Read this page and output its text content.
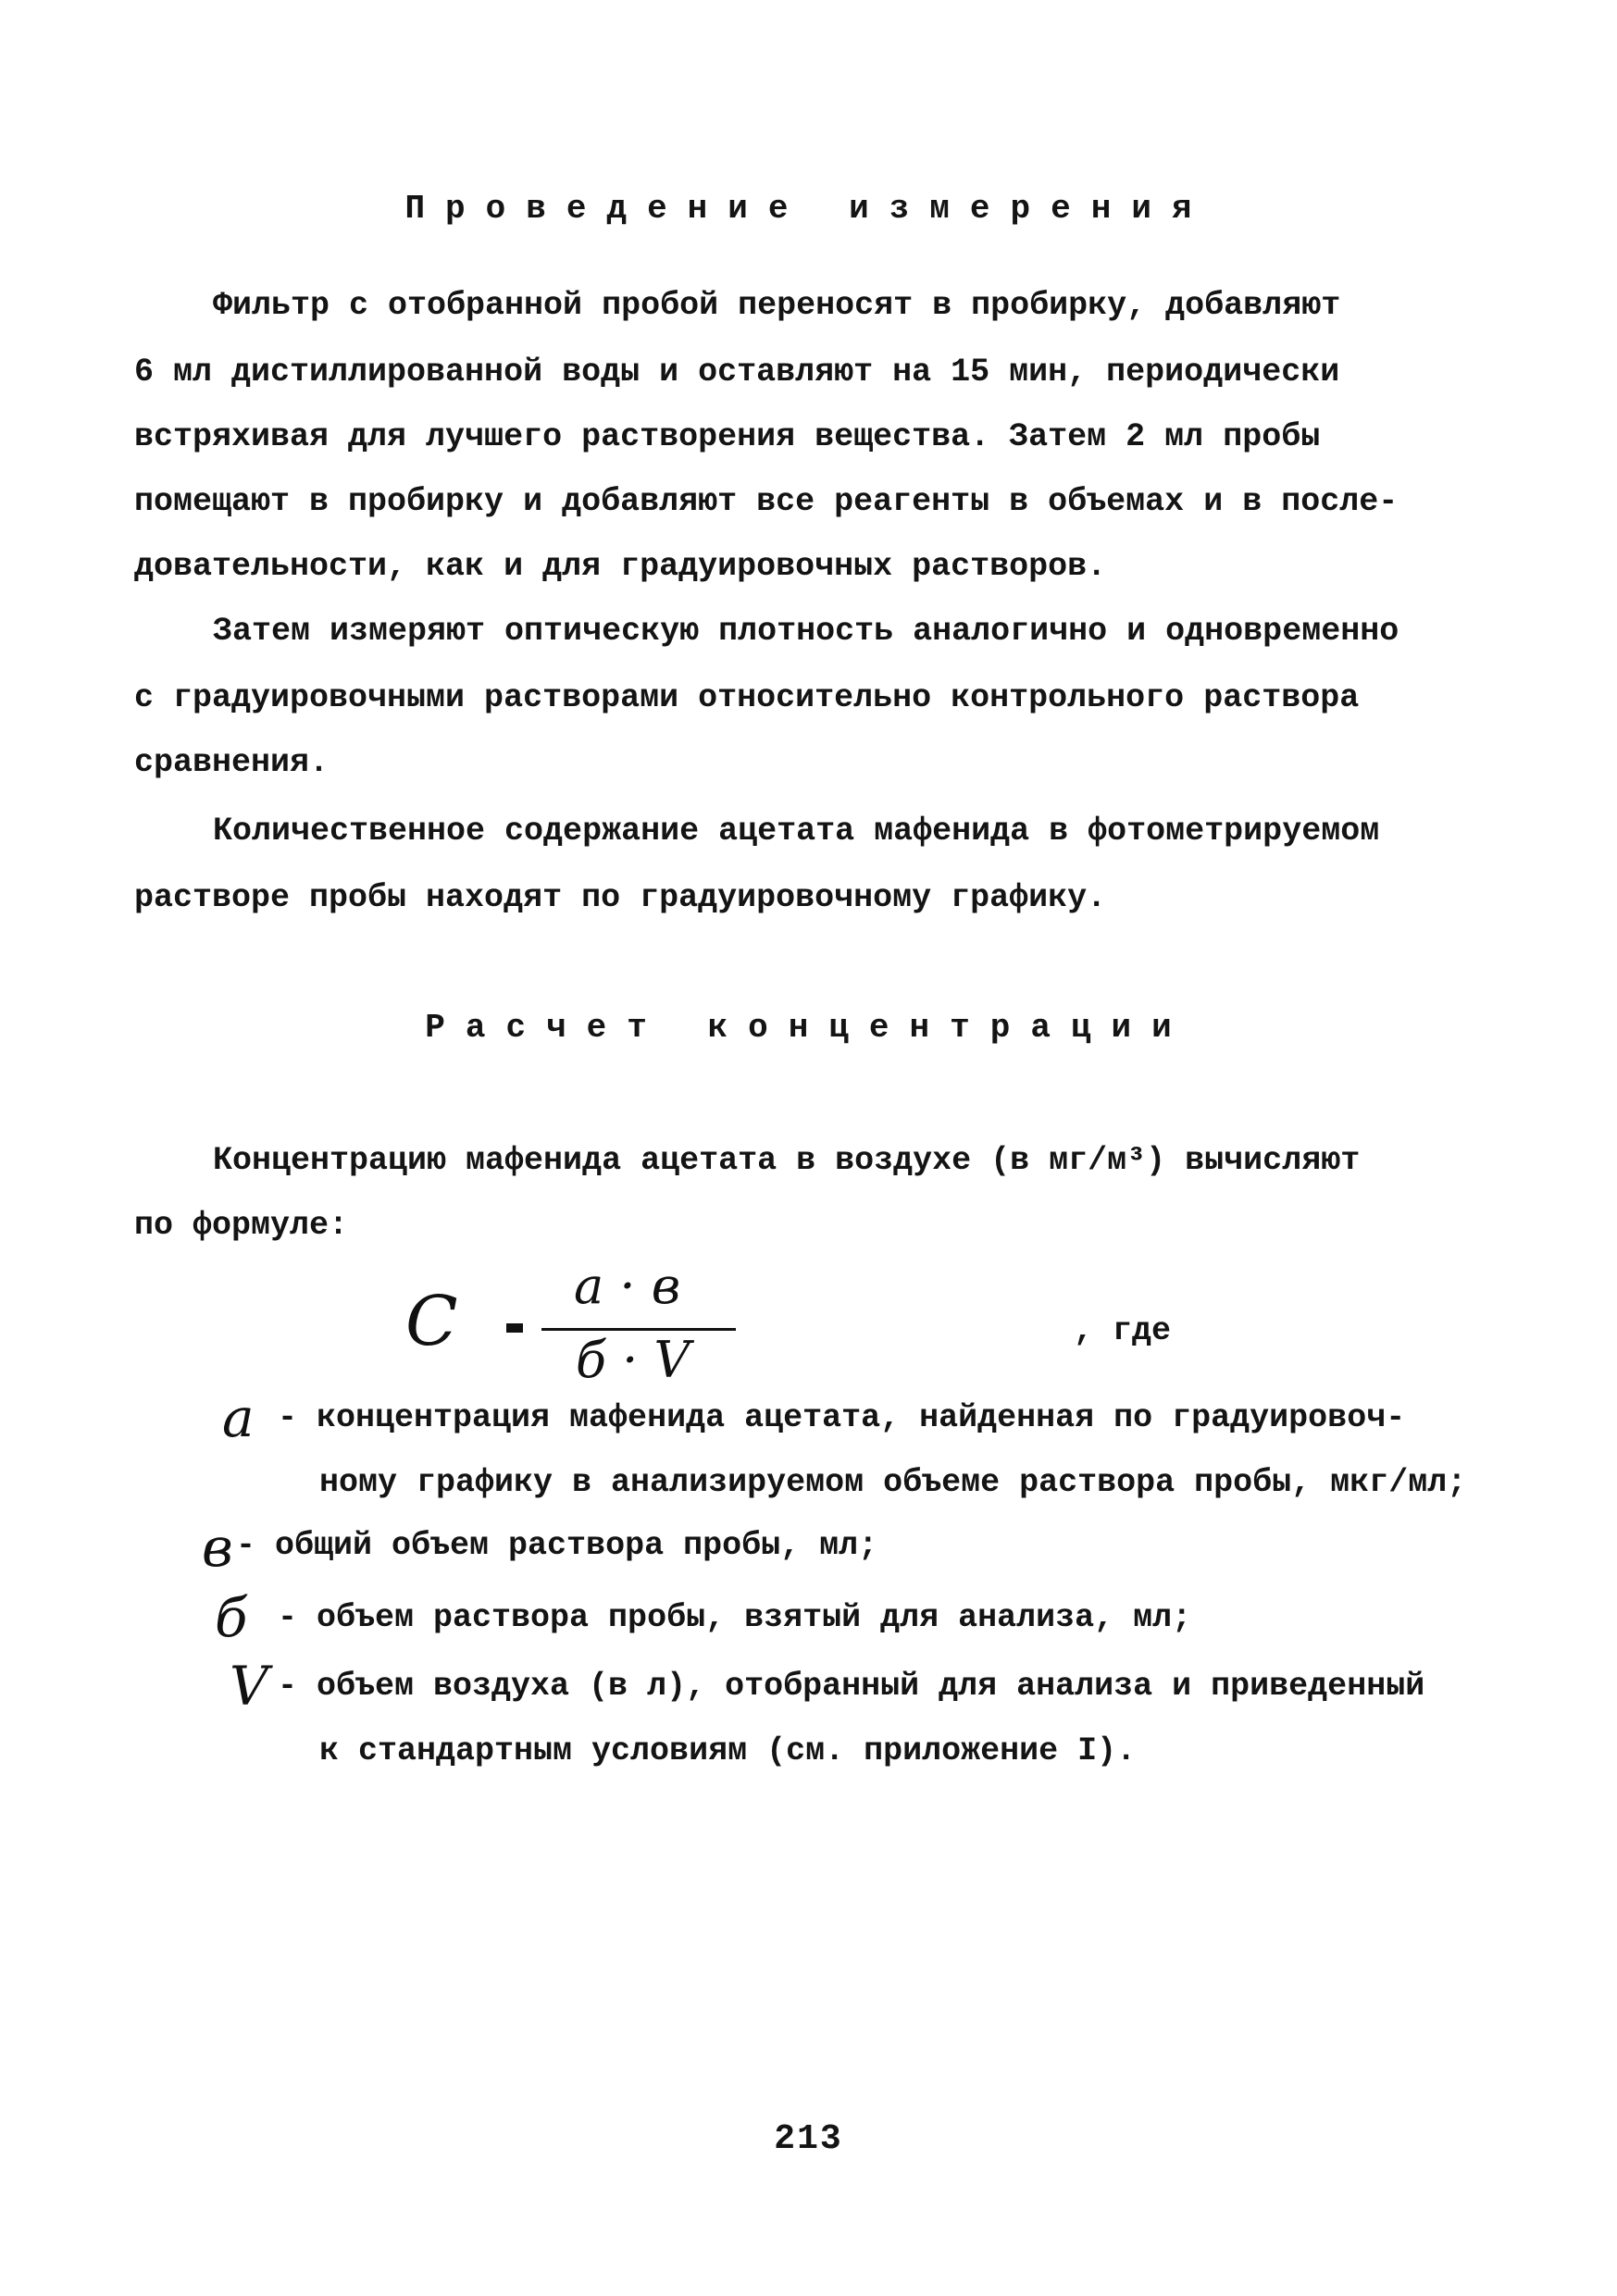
Проведение измерения
Фильтр с отобранной пробой переносят в пробирку, добавляют
6 мл дистиллированной воды и оставляют на 15 мин, периодически
встряхивая для лучшего растворения вещества. Затем 2 мл пробы
помещают в пробирку и добавляют все реагенты в объемах и в после-
довательности, как и для градуировочных растворов.
Затем измеряют оптическую плотность аналогично и одновременно
с градуировочными растворами относительно контрольного раствора
сравнения.
Количественное содержание ацетата мафенида в фотометрируемом
растворе пробы находят по градуировочному графику.
Расчет концентрации
Концентрацию мафенида ацетата в воздухе (в мг/м³) вычисляют
по формуле:
C a · в
б · V	, где
a - концентрация мафенида ацетата, найденная по градуировоч-
ному графику в анализируемом объеме раствора пробы, мкг/мл;
в - общий объем раствора пробы, мл;
б - объем раствора пробы, взятый для анализа, мл;
V - объем воздуха (в л), отобранный для анализа и приведенный
к стандартным условиям (см. приложение I).
213
